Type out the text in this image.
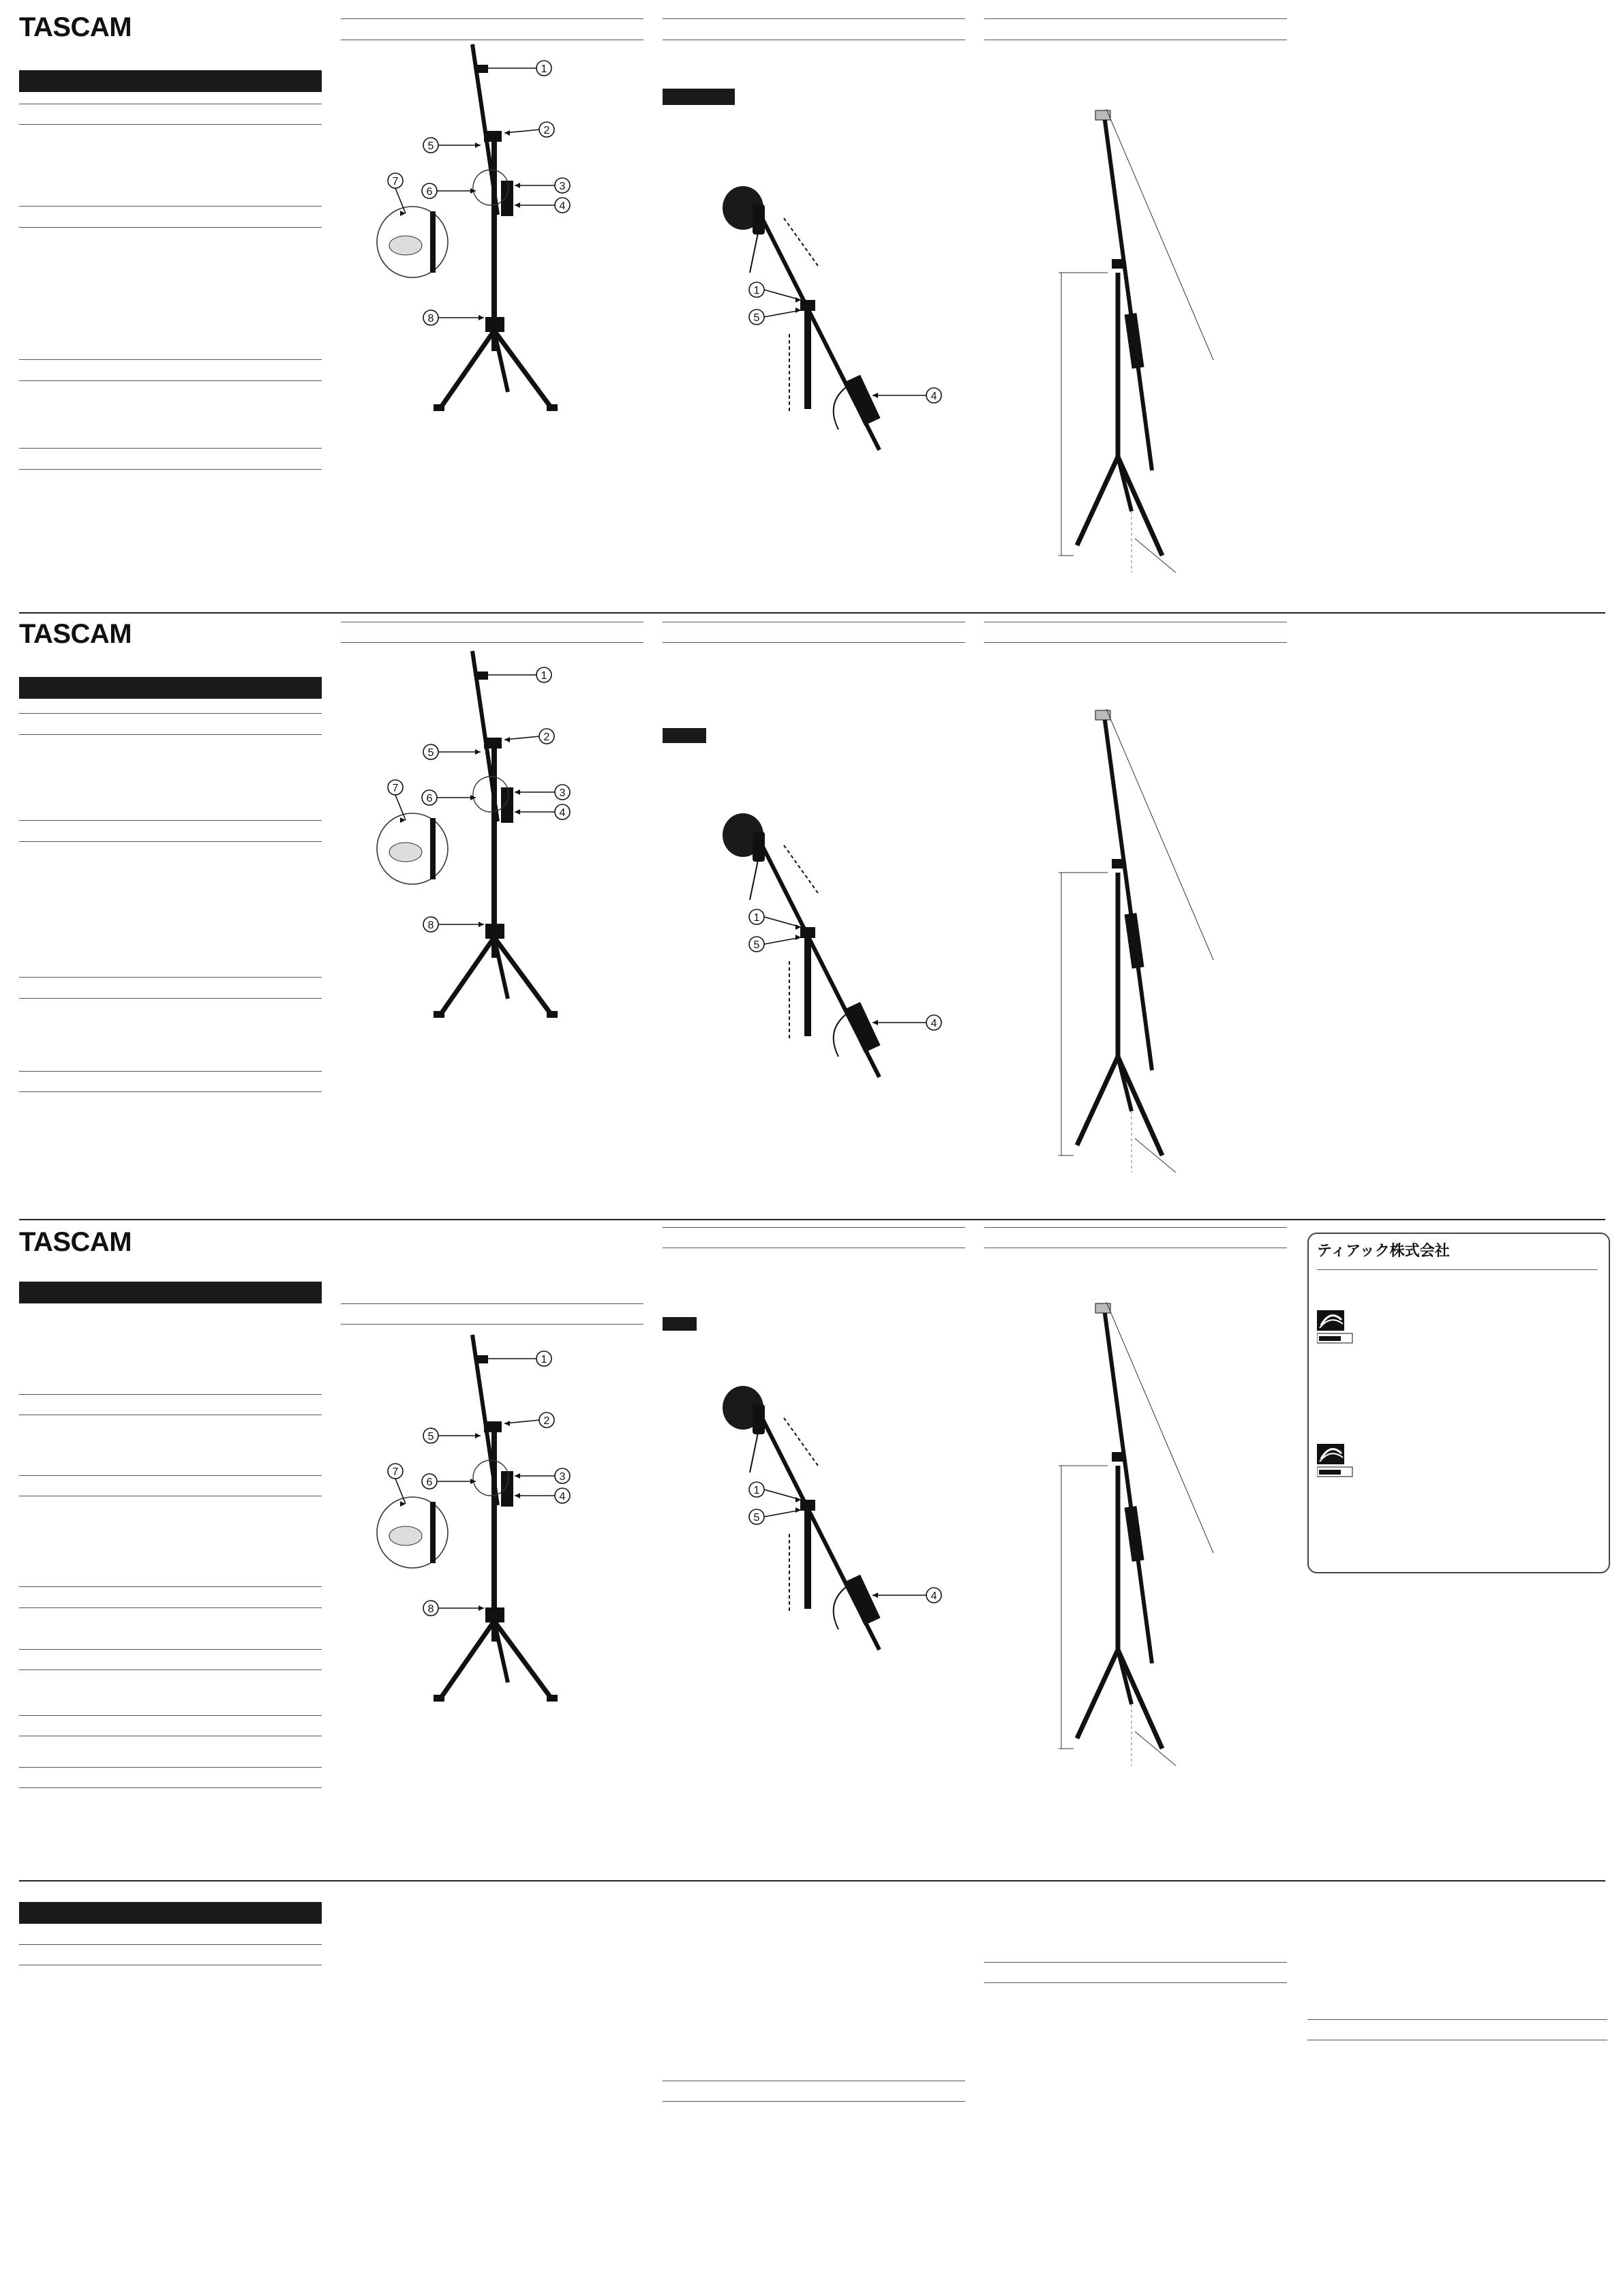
TASCAM
TASCAM
TASCAM	ティアック株式会社
1
2
5
3
4
7
6
8
1
2
5
3
4
7
6
8
1
2
5
3
4
7
6
8
1
5
4
1
5
4
1
5
4
